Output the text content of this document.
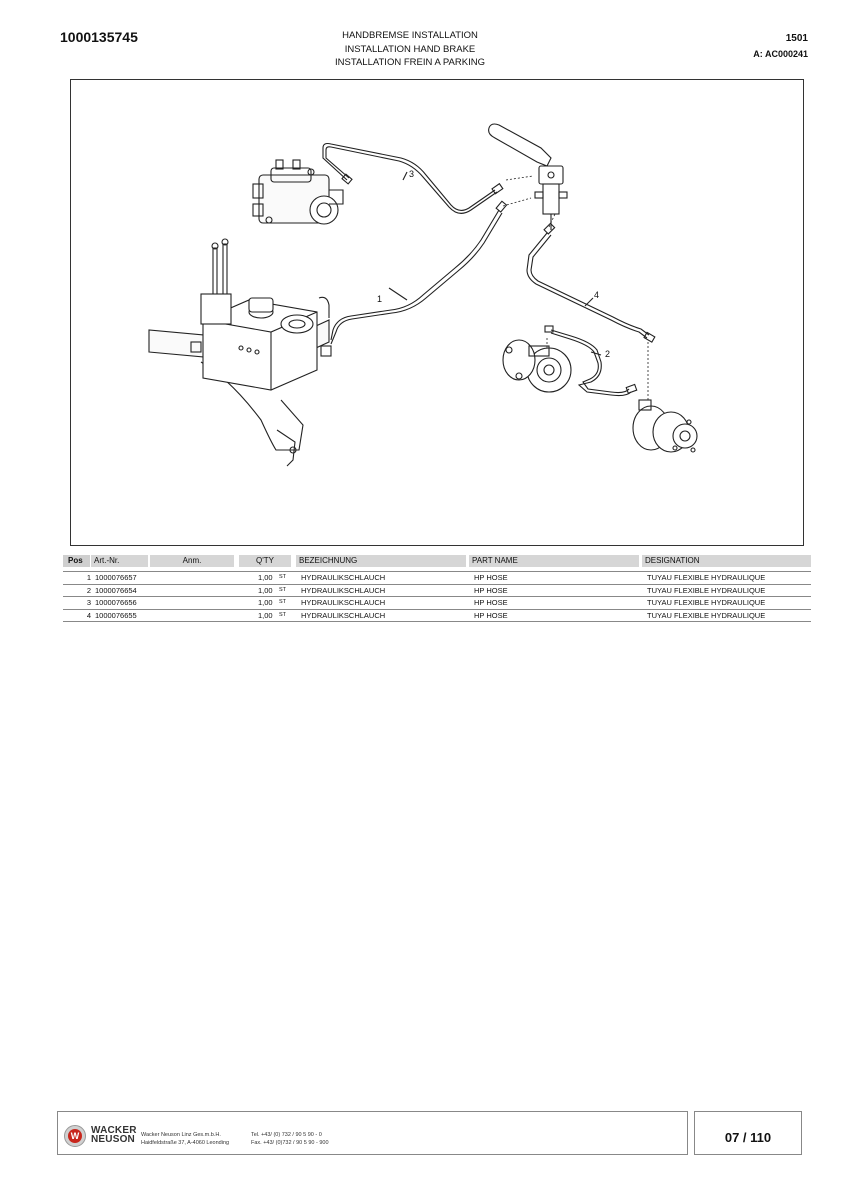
1000135745	HANDBREMSE INSTALLATION
INSTALLATION HAND BRAKE
INSTALLATION FREIN A PARKING
1501
A: AC000241
1
2
3
4
Pos	Art.-Nr.	Anm.	Q'TY	BEZEICHNUNG	PART NAME	DESIGNATION
1 1000076657	1,00 ST HYDRAULIKSCHLAUCH	HP HOSE	TUYAU FLEXIBLE HYDRAULIQUE
2 1000076654	1,00 ST HYDRAULIKSCHLAUCH	HP HOSE	TUYAU FLEXIBLE HYDRAULIQUE
3 1000076656	1,00 ST HYDRAULIKSCHLAUCH	HP HOSE	TUYAU FLEXIBLE HYDRAULIQUE
4 1000076655	1,00 ST HYDRAULIKSCHLAUCH	HP HOSE	TUYAU FLEXIBLE HYDRAULIQUE
W WACKER
NEUSON	Wacker Neuson Linz Ges.m.b.H.
Haidfeldstraße 37, A-4060 Leonding
Tel. +43/ (0) 732 / 90 5 90 - 0
Fax. +43/ (0)732 / 90 5 90 - 900	07 / 110
